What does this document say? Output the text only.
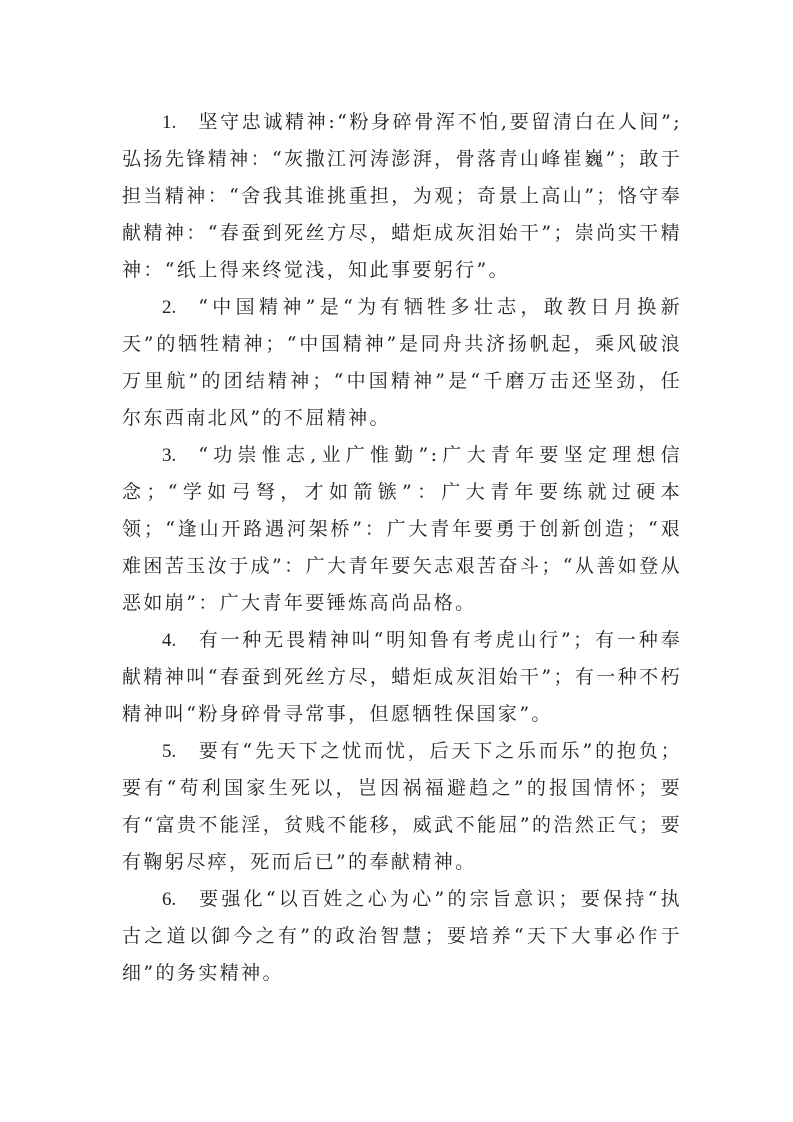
1. 坚守忠诚精神:“粉身碎骨浑不怕,要留清白在人间”;弘扬先锋精神：“灰撒江河涛澎湃，骨落青山峰崔巍”；敢于担当精神：“舍我其谁挑重担，为观；奇景上高山”；恪守奉献精神：“春蚕到死丝方尽，蜡炬成灰泪始干”；崇尚实干精神：“纸上得来终觉浅，知此事要躬行”。

2. “中国精神”是“为有牺牲多壮志，敢教日月换新天”的牺牲精神；“中国精神”是同舟共济扬帆起，乘风破浪万里航”的团结精神；“中国精神”是“千磨万击还坚劲，任尔东西南北风”的不屈精神。

3. “功崇惟志,业广惟勤”:广大青年要坚定理想信念；“学如弓弩，才如箭镞”：广大青年要练就过硬本领；“逢山开路遇河架桥”：广大青年要勇于创新创造；“艰难困苦玉汝于成”：广大青年要矢志艰苦奋斗；“从善如登从恶如崩”：广大青年要锤炼高尚品格。

4. 有一种无畏精神叫“明知鲁有考虎山行”；有一种奉献精神叫“春蚕到死丝方尽，蜡炬成灰泪始干”；有一种不朽精神叫“粉身碎骨寻常事，但愿牺牲保国家”。

5. 要有“先天下之忧而忧，后天下之乐而乐”的抱负；要有“苟利国家生死以，岂因祸福避趋之”的报国情怀；要有“富贵不能淫，贫贱不能移，威武不能屈”的浩然正气；要有鞠躬尽瘁，死而后已”的奉献精神。

6. 要强化“以百姓之心为心”的宗旨意识；要保持“执古之道以御今之有”的政治智慧；要培养“天下大事必作于细”的务实精神。
